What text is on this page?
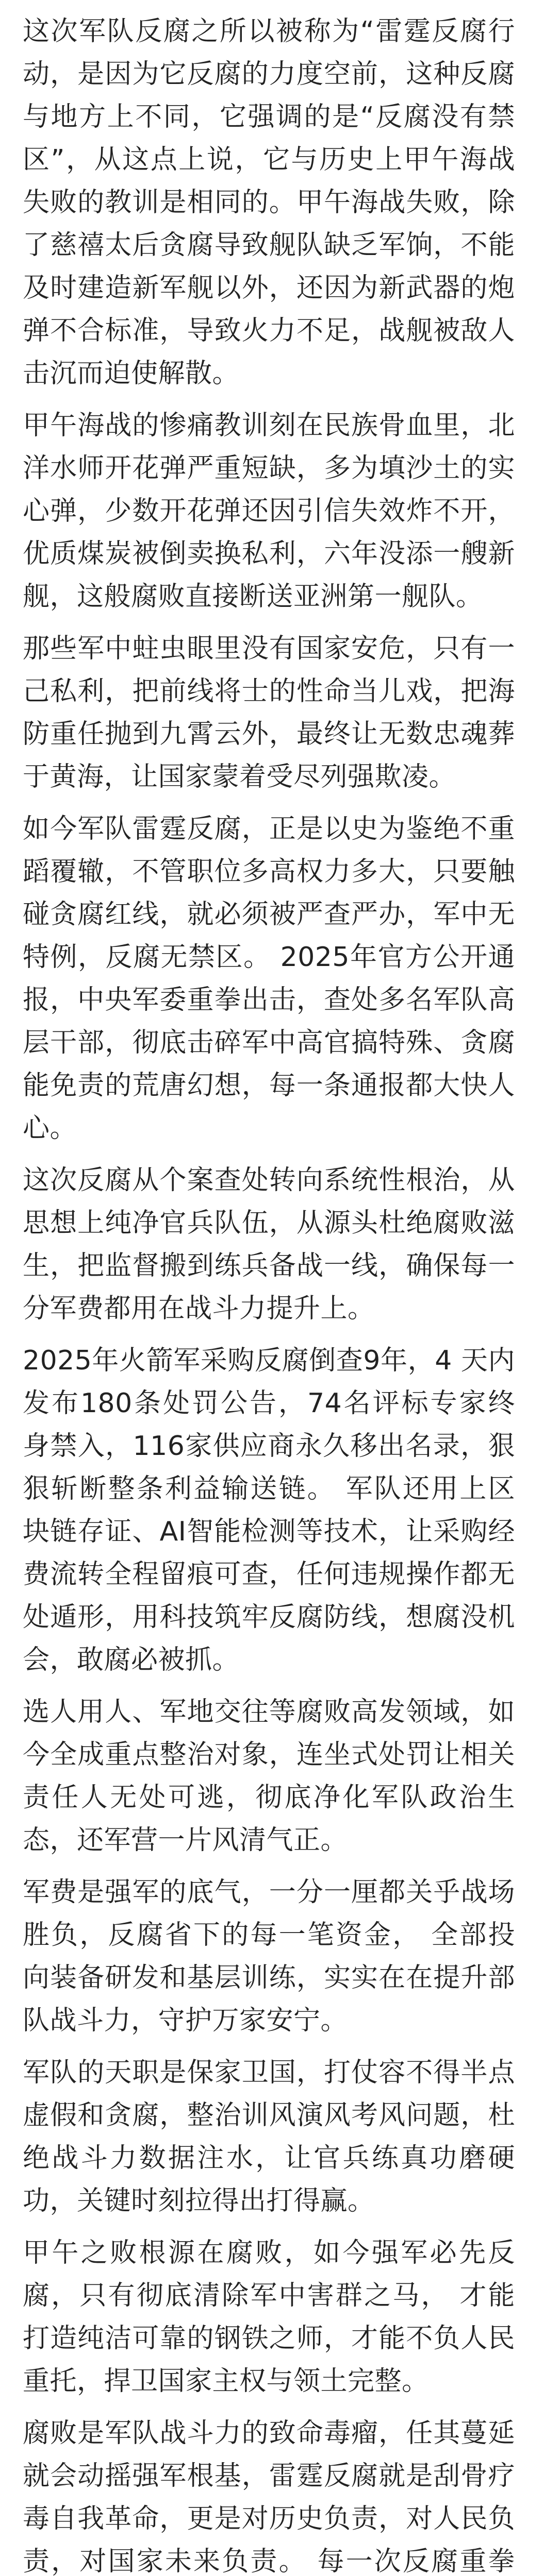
这次军队反腐之所以被称为“雷霆反腐行动，是因为它反腐的力度空前，这种反腐与地方上不同，它强调的是“反腐没有禁区”，从这点上说，它与历史上甲午海战失败的教训是相同的。甲午海战失败，除了慈禧太后贪腐导致舰队缺乏军饷，不能及时建造新军舰以外，还因为新武器的炮弹不合标准，导致火力不足，战舰被敌人击沉而迫使解散。

甲午海战的惨痛教训刻在民族骨血里，北洋水师开花弹严重短缺，多为填沙土的实心弹，少数开花弹还因引信失效炸不开，优质煤炭被倒卖换私利，六年没添一艘新舰，这般腐败直接断送亚洲第一舰队。

那些军中蛀虫眼里没有国家安危，只有一己私利，把前线将士的性命当儿戏，把海防重任抛到九霄云外，最终让无数忠魂葬于黄海，让国家蒙着受尽列强欺凌。

如今军队雷霆反腐，正是以史为鉴绝不重蹈覆辙，不管职位多高权力多大，只要触碰贪腐红线，就必须被严查严办，军中无特例，反腐无禁区。 2025年官方公开通报，中央军委重拳出击，查处多名军队高层干部，彻底击碎军中高官搞特殊、贪腐能免责的荒唐幻想，每一条通报都大快人心。

这次反腐从个案查处转向系统性根治，从思想上纯净官兵队伍，从源头杜绝腐败滋生，把监督搬到练兵备战一线，确保每一分军费都用在战斗力提升上。

2025年火箭军采购反腐倒查9年，4 天内发布180条处罚公告，74名评标专家终身禁入，116家供应商永久移出名录，狠狠斩断整条利益输送链。 军队还用上区块链存证、AI智能检测等技术，让采购经费流转全程留痕可查，任何违规操作都无处遁形，用科技筑牢反腐防线，想腐没机会，敢腐必被抓。

选人用人、军地交往等腐败高发领域，如今全成重点整治对象，连坐式处罚让相关责任人无处可逃，彻底净化军队政治生态，还军营一片风清气正。

军费是强军的底气，一分一厘都关乎战场胜负，反腐省下的每一笔资金， 全部投向装备研发和基层训练，实实在在提升部队战斗力，守护万家安宁。

军队的天职是保家卫国，打仗容不得半点虚假和贪腐，整治训风演风考风问题，杜绝战斗力数据注水，让官兵练真功磨硬功，关键时刻拉得出打得赢。

甲午之败根源在腐败，如今强军必先反腐，只有彻底清除军中害群之马， 才能打造纯洁可靠的钢铁之师，才能不负人民重托，捍卫国家主权与领土完整。

腐败是军队战斗力的致命毒瘤，任其蔓延就会动摇强军根基，雷霆反腐就是刮骨疗毒自我革命，更是对历史负责，对人民负责，对国家未来负责。 每一次反腐重拳
